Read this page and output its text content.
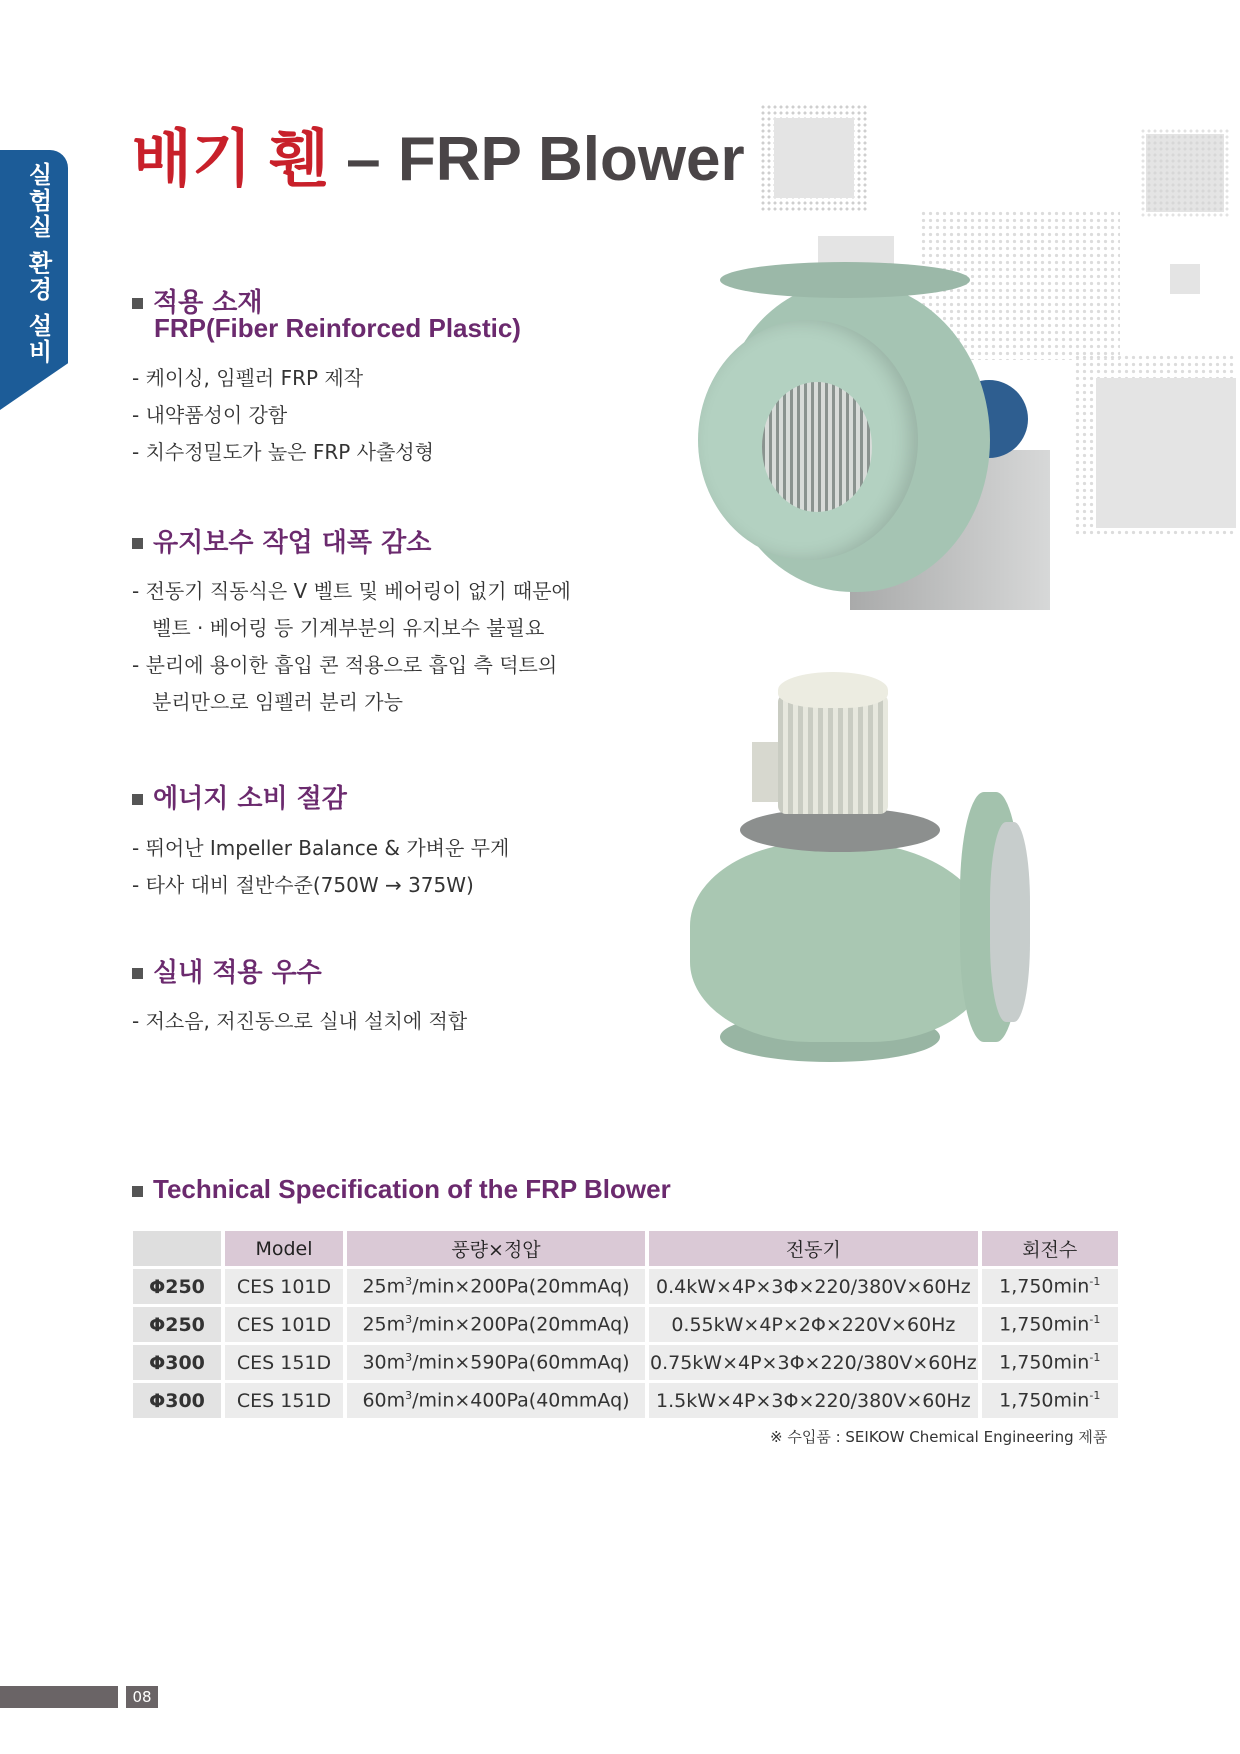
실험실 환경 설비
배기 휀 – FRP Blower
적용 소재
FRP(Fiber Reinforced Plastic)
- 케이싱, 임펠러 FRP 제작
- 내약품성이 강함
- 치수정밀도가 높은 FRP 사출성형
유지보수 작업 대폭 감소
- 전동기 직동식은 V 벨트 및 베어링이 없기 때문에
벨트 · 베어링 등 기계부분의 유지보수 불필요
- 분리에 용이한 흡입 콘 적용으로 흡입 측 덕트의
분리만으로 임펠러 분리 가능
에너지 소비 절감
- 뛰어난 Impeller Balance & 가벼운 무게
- 타사 대비 절반수준(750W → 375W)
실내 적용 우수
- 저소음, 저진동으로 실내 설치에 적합
Technical Specification of the FRP Blower
	Model	풍량×정압	전동기	회전수
Φ250	CES 101D	$25m^3/\min\times 200Pa(20mmAq)$	0.4kW×4P×3Φ×220/380V×60Hz	$1,750\min^{-1}$
Φ250	CES 101D	$25m^3/\min\times 200Pa(20mmAq)$	0.55kW×4P×2Φ×220V×60Hz	$1,750\min^{-1}$
Φ300	CES 151D	$30m^3/\min\times 590Pa(60mmAq)$	0.75kW×4P×3Φ×220/380V×60Hz	$1,750\min^{-1}$
Φ300	CES 151D	$60m^3/\min\times 400Pa(40mmAq)$	1.5kW×4P×3Φ×220/380V×60Hz	$1,750\min^{-1}$
※ 수입품 : SEIKOW Chemical Engineering 제품
08
